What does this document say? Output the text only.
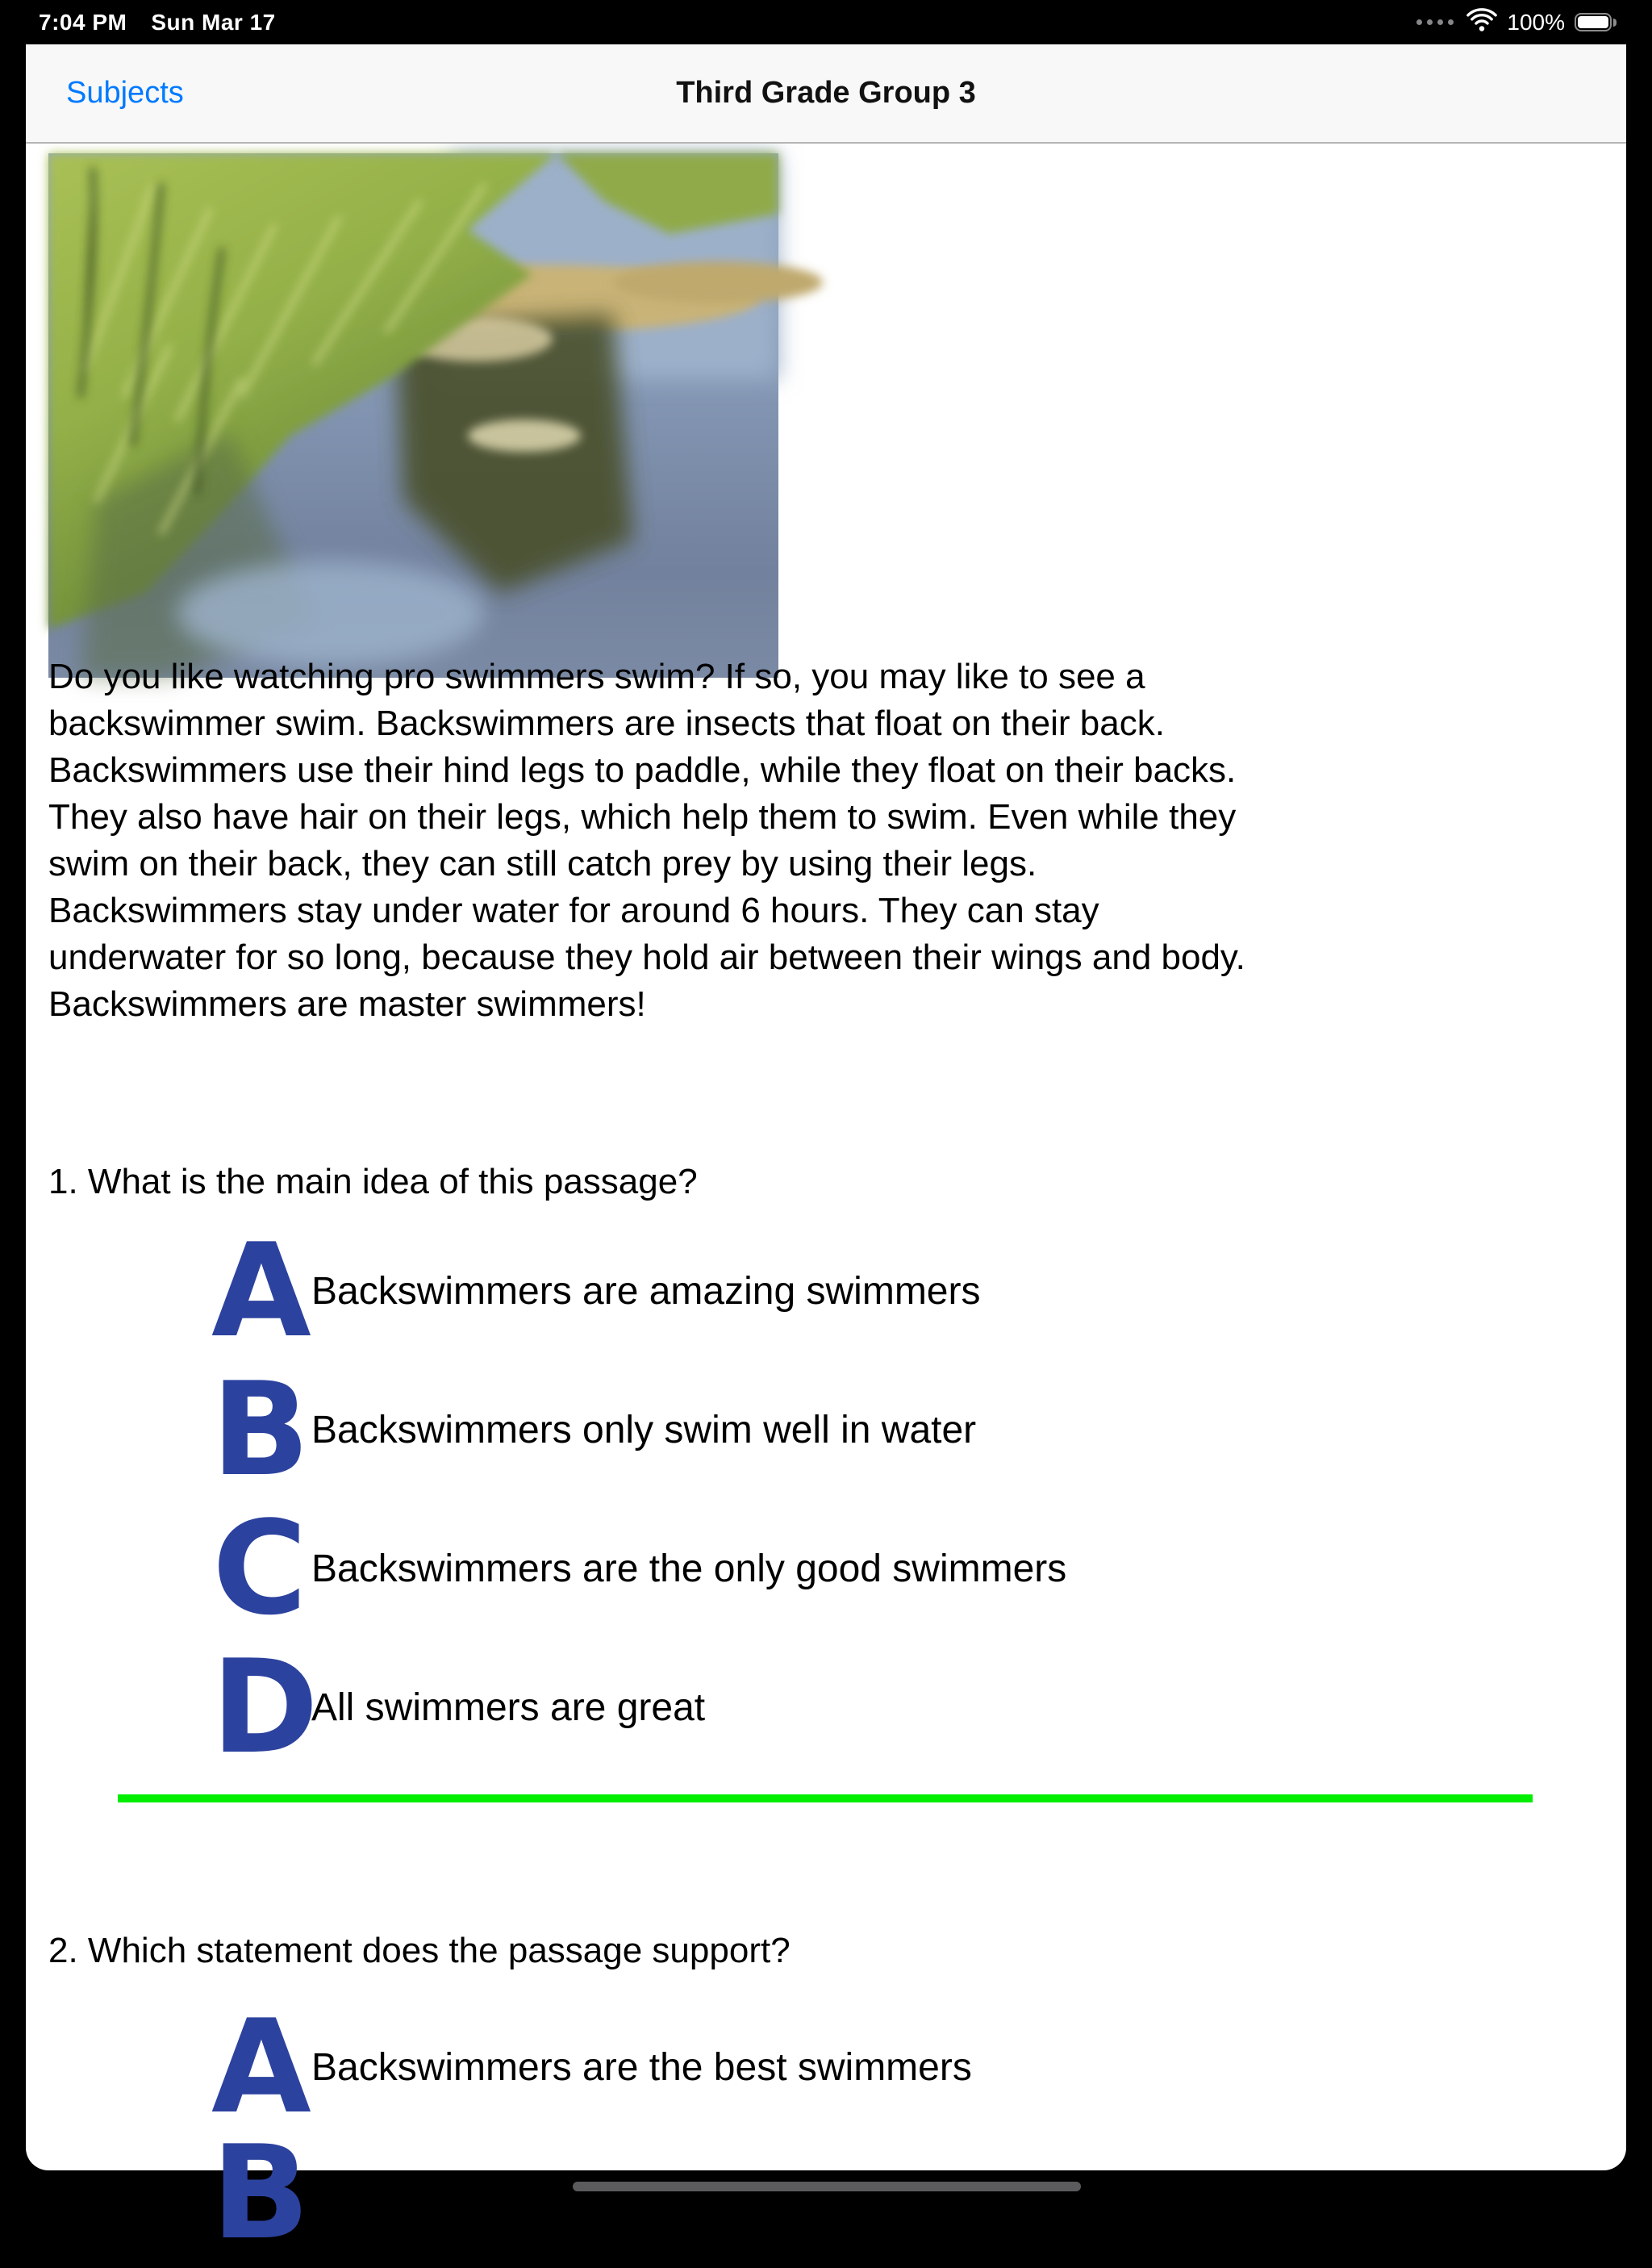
7:04 PM Sun Mar 17	100%
Do you like watching pro swimmers swim? If so, you may like to see a
backswimmer swim. Backswimmers are insects that float on their back.
Backswimmers use their hind legs to paddle, while they float on their backs.
They also have hair on their legs, which help them to swim. Even while they
swim on their back, they can still catch prey by using their legs.
Backswimmers stay under water for around 6 hours. They can stay
underwater for so long, because they hold air between their wings and body.
Backswimmers are master swimmers!
1. What is the main idea of this passage?
A Backswimmers are amazing swimmers
B Backswimmers only swim well in water
C Backswimmers are the only good swimmers
D
All swimmers are great
2. Which statement does the passage support?
A Backswimmers are the best swimmers
B
Subjects	Third Grade Group 3
